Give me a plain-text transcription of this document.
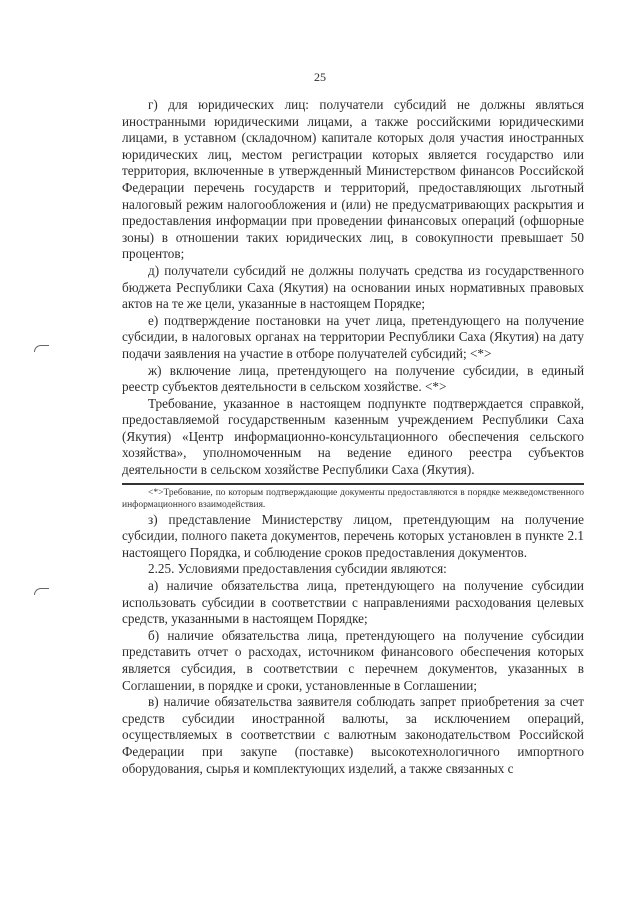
25

г) для юридических лиц: получатели субсидий не должны являться иностранными юридическими лицами, а также российскими юридическими лицами, в уставном (складочном) капитале которых доля участия иностранных юридических лиц, местом регистрации которых является государство или территория, включенные в утвержденный Министерством финансов Российской Федерации перечень государств и территорий, предоставляющих льготный налоговый режим налогообложения и (или) не предусматривающих раскрытия и предоставления информации при проведении финансовых операций (офшорные зоны) в отношении таких юридических лиц, в совокупности превышает 50 процентов;

д) получатели субсидий не должны получать средства из государственного бюджета Республики Саха (Якутия) на основании иных нормативных правовых актов на те же цели, указанные в настоящем Порядке;

е) подтверждение постановки на учет лица, претендующего на получение субсидии, в налоговых органах на территории Республики Саха (Якутия) на дату подачи заявления на участие в отборе получателей субсидий; <*>

ж) включение лица, претендующего на получение субсидии, в единый реестр субъектов деятельности в сельском хозяйстве. <*>

Требование, указанное в настоящем подпункте подтверждается справкой, предоставляемой государственным казенным учреждением Республики Саха (Якутия) «Центр информационно-консультационного обеспечения сельского хозяйства», уполномоченным на ведение единого реестра субъектов деятельности в сельском хозяйстве Республики Саха (Якутия).

<*>Требование, по которым подтверждающие документы предоставляются в порядке межведомственного информационного взаимодействия.

з) представление Министерству лицом, претендующим на получение субсидии, полного пакета документов, перечень которых установлен в пункте 2.1 настоящего Порядка, и соблюдение сроков предоставления документов.

2.25. Условиями предоставления субсидии являются:

а) наличие обязательства лица, претендующего на получение субсидии использовать субсидии в соответствии с направлениями расходования целевых средств, указанными в настоящем Порядке;

б) наличие обязательства лица, претендующего на получение субсидии представить отчет о расходах, источником финансового обеспечения которых является субсидия, в соответствии с перечнем документов, указанных в Соглашении, в порядке и сроки, установленные в Соглашении;

в) наличие обязательства заявителя соблюдать запрет приобретения за счет средств субсидии иностранной валюты, за исключением операций, осуществляемых в соответствии с валютным законодательством Российской Федерации при закупе (поставке) высокотехнологичного импортного оборудования, сырья и комплектующих изделий, а также связанных с
